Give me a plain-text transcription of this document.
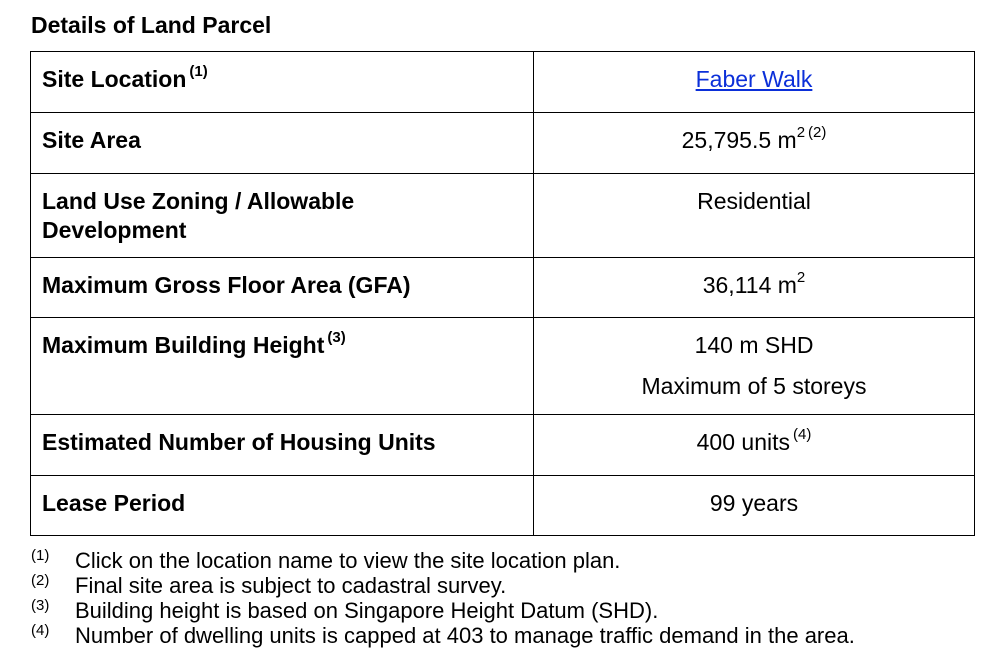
Details of Land Parcel
Site Location $^{(1)}$	Faber Walk
Site Area	25,795.5 $m^2$ $^{(2)}$

Land Use Zoning / Allowable Development	Residential
Maximum Gross Floor Area (GFA)	36,114 $m^2$
Maximum Building Height $^{(3)}$	140 m SHD
Maximum of 5 storeys

Estimated Number of Housing Units	400 units $^{(4)}$
Lease Period	99 years
(1) Click on the location name to view the site location plan.
(2) Final site area is subject to cadastral survey.
(3) Building height is based on Singapore Height Datum (SHD).
(4) Number of dwelling units is capped at 403 to manage traffic demand in the area.
